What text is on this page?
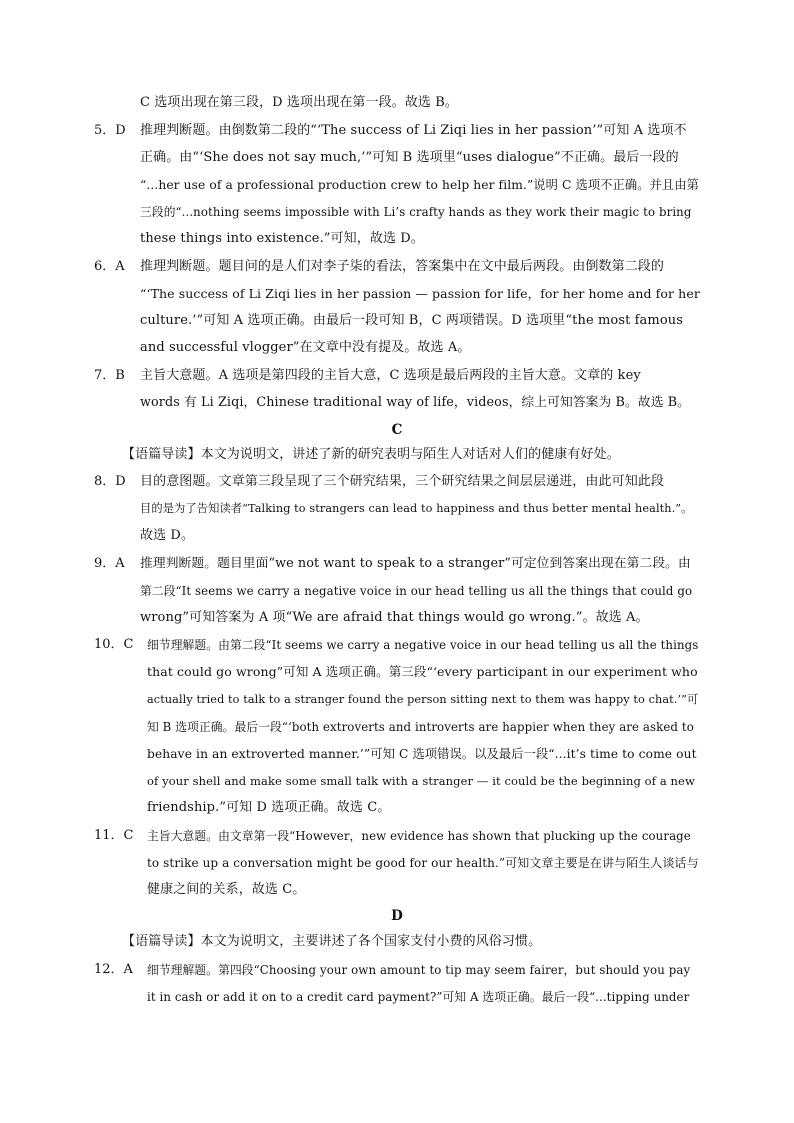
C 选项出现在第三段，D 选项出现在第一段。故选 B。
5．D 推理判断题。由倒数第二段的“‘The success of Li Ziqi lies in her passion’”可知 A 选项不
正确。由“‘She does not say much,’”可知 B 选项里“uses dialogue”不正确。最后一段的
“...her use of a professional production crew to help her film.”说明 C 选项不正确。并且由第
三段的“...nothing seems impossible with Li’s crafty hands as they work their magic to bring
these things into existence.”可知，故选 D。
6．A 推理判断题。题目问的是人们对李子柒的看法，答案集中在文中最后两段。由倒数第二段的
“‘The success of Li Ziqi lies in her passion — passion for life，for her home and for her
culture.’”可知 A 选项正确。由最后一段可知 B，C 两项错误。D 选项里“the most famous
and successful vlogger”在文章中没有提及。故选 A。
7．B 主旨大意题。A 选项是第四段的主旨大意，C 选项是最后两段的主旨大意。文章的 key
words 有 Li Ziqi，Chinese traditional way of life，videos，综上可知答案为 B。故选 B。
C
【语篇导读】本文为说明文，讲述了新的研究表明与陌生人对话对人们的健康有好处。
8．D 目的意图题。文章第三段呈现了三个研究结果，三个研究结果之间层层递进，由此可知此段
目的是为了告知读者“Talking to strangers can lead to happiness and thus better mental health.”。
故选 D。
9．A 推理判断题。题目里面“we not want to speak to a stranger”可定位到答案出现在第二段。由
第二段“It seems we carry a negative voice in our head telling us all the things that could go
wrong”可知答案为 A 项“We are afraid that things would go wrong.”。故选 A。
10．C 细节理解题。由第二段“It seems we carry a negative voice in our head telling us all the things
that could go wrong”可知 A 选项正确。第三段“‘every participant in our experiment who
actually tried to talk to a stranger found the person sitting next to them was happy to chat.’”可
知 B 选项正确。最后一段“‘both extroverts and introverts are happier when they are asked to
behave in an extroverted manner.’”可知 C 选项错误。以及最后一段“...it’s time to come out
of your shell and make some small talk with a stranger — it could be the beginning of a new
friendship.”可知 D 选项正确。故选 C。
11．C 主旨大意题。由文章第一段“However，new evidence has shown that plucking up the courage
to strike up a conversation might be good for our health.”可知文章主要是在讲与陌生人谈话与
健康之间的关系，故选 C。
D
【语篇导读】本文为说明文，主要讲述了各个国家支付小费的风俗习惯。
12．A 细节理解题。第四段“Choosing your own amount to tip may seem fairer，but should you pay
it in cash or add it on to a credit card payment?”可知 A 选项正确。最后一段“...tipping under
